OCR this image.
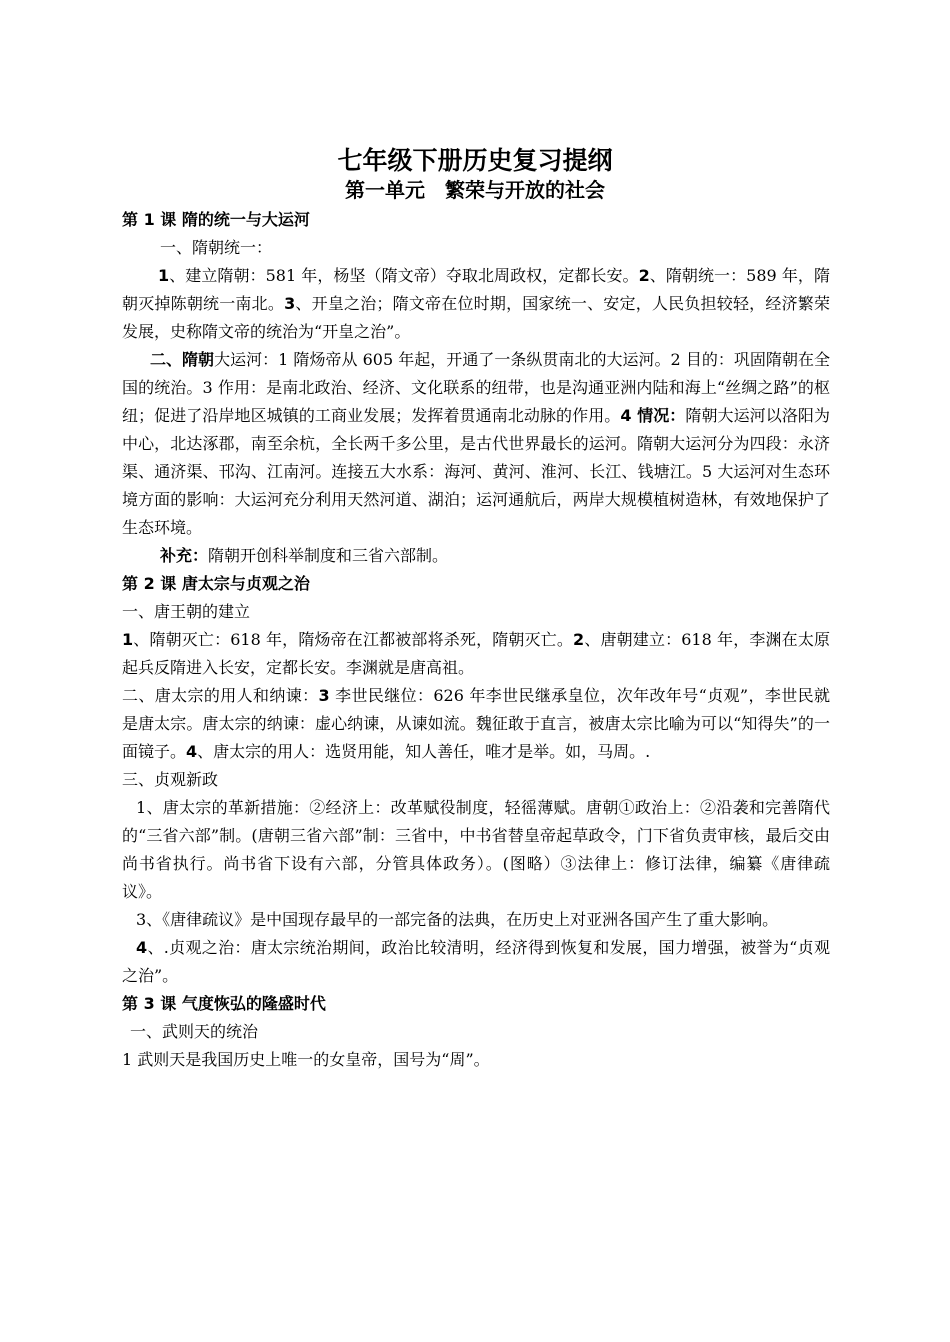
七年级下册历史复习提纲
第一单元　繁荣与开放的社会

第 1 课 隋的统一与大运河

一、隋朝统一：

1、建立隋朝：581 年，杨坚（隋文帝）夺取北周政权，定都长安。2、隋朝统一：589 年，隋朝灭掉陈朝统一南北。3、开皇之治；隋文帝在位时期，国家统一、安定，人民负担较轻，经济繁荣发展，史称隋文帝的统治为“开皇之治”。

二、隋朝大运河：1 隋炀帝从 605 年起，开通了一条纵贯南北的大运河。2 目的：巩固隋朝在全国的统治。3 作用：是南北政治、经济、文化联系的纽带，也是沟通亚洲内陆和海上“丝绸之路”的枢纽；促进了沿岸地区城镇的工商业发展；发挥着贯通南北动脉的作用。4 情况：隋朝大运河以洛阳为中心，北达涿郡，南至余杭，全长两千多公里，是古代世界最长的运河。隋朝大运河分为四段：永济渠、通济渠、邗沟、江南河。连接五大水系：海河、黄河、淮河、长江、钱塘江。5 大运河对生态环境方面的影响：大运河充分利用天然河道、湖泊；运河通航后，两岸大规模植树造林，有效地保护了生态环境。

补充：隋朝开创科举制度和三省六部制。

第 2 课 唐太宗与贞观之治

一、唐王朝的建立

1、隋朝灭亡：618 年，隋炀帝在江都被部将杀死，隋朝灭亡。2、唐朝建立：618 年，李渊在太原起兵反隋进入长安，定都长安。李渊就是唐高祖。

二、唐太宗的用人和纳谏：3 李世民继位：626 年李世民继承皇位，次年改年号“贞观”，李世民就是唐太宗。唐太宗的纳谏：虚心纳谏，从谏如流。魏征敢于直言，被唐太宗比喻为可以“知得失”的一面镜子。4、唐太宗的用人：选贤用能，知人善任，唯才是举。如，马周。.

三、贞观新政

1、唐太宗的革新措施：②经济上：改革赋役制度，轻徭薄赋。唐朝①政治上：②沿袭和完善隋代的“三省六部”制。(唐朝三省六部”制：三省中，中书省替皇帝起草政令，门下省负责审核，最后交由尚书省执行。尚书省下设有六部，分管具体政务）。(图略）③法律上：修订法律，编纂《唐律疏议》。

3、《唐律疏议》是中国现存最早的一部完备的法典，在历史上对亚洲各国产生了重大影响。

4、.贞观之治：唐太宗统治期间，政治比较清明，经济得到恢复和发展，国力增强，被誉为“贞观之治”。

第 3 课 气度恢弘的隆盛时代

一、武则天的统治

1 武则天是我国历史上唯一的女皇帝，国号为“周”。
